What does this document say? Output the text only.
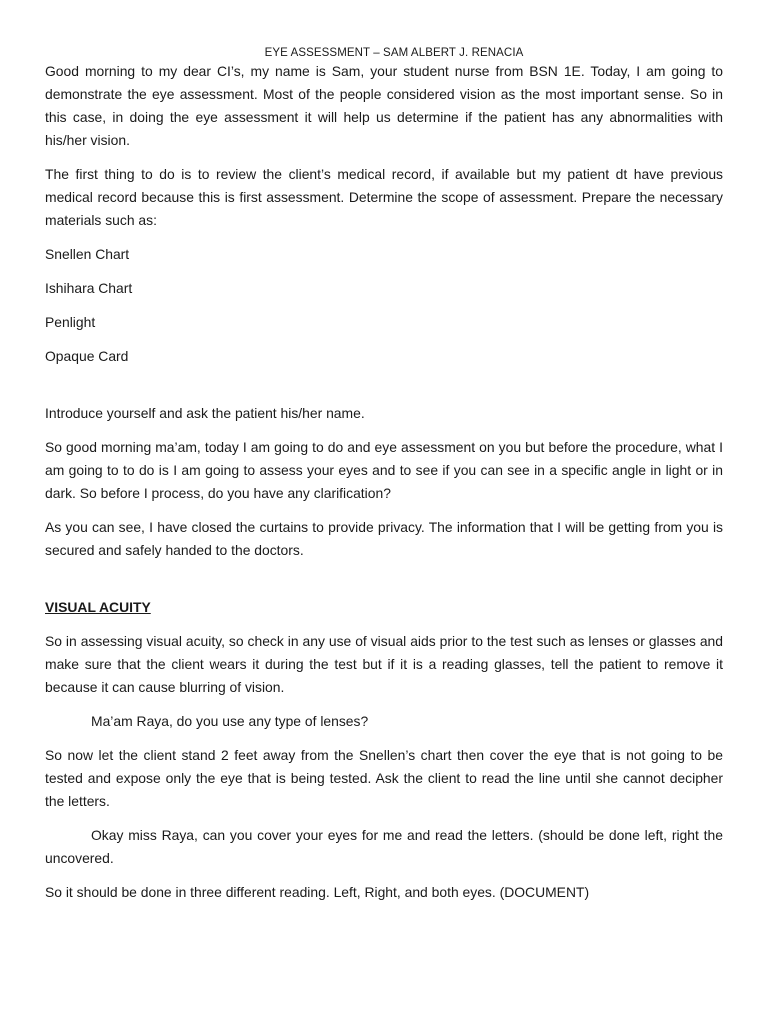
EYE ASSESSMENT – SAM ALBERT J. RENACIA

Good morning to my dear CI’s, my name is Sam, your student nurse from BSN 1E. Today, I am going to demonstrate the eye assessment. Most of the people considered vision as the most important sense. So in this case, in doing the eye assessment it will help us determine if the patient has any abnormalities with his/her vision.

The first thing to do is to review the client’s medical record, if available but my patient dt have previous medical record because this is first assessment. Determine the scope of assessment. Prepare the necessary materials such as:

Snellen Chart

Ishihara Chart

Penlight

Opaque Card

Introduce yourself and ask the patient his/her name.

So good morning ma’am, today I am going to do and eye assessment on you but before the procedure, what I am going to to do is I am going to assess your eyes and to see if you can see in a specific angle in light or in dark. So before I process, do you have any clarification?

As you can see, I have closed the curtains to provide privacy. The information that I will be getting from you is secured and safely handed to the doctors.

VISUAL ACUITY

So in assessing visual acuity, so check in any use of visual aids prior to the test such as lenses or glasses and make sure that the client wears it during the test but if it is a reading glasses, tell the patient to remove it because it can cause blurring of vision.

Ma’am Raya, do you use any type of lenses?

So now let the client stand 2 feet away from the Snellen’s chart then cover the eye that is not going to be tested and expose only the eye that is being tested. Ask the client to read the line until she cannot decipher the letters.

Okay miss Raya, can you cover your eyes for me and read the letters. (should be done left, right the uncovered.

So it should be done in three different reading. Left, Right, and both eyes. (DOCUMENT)
